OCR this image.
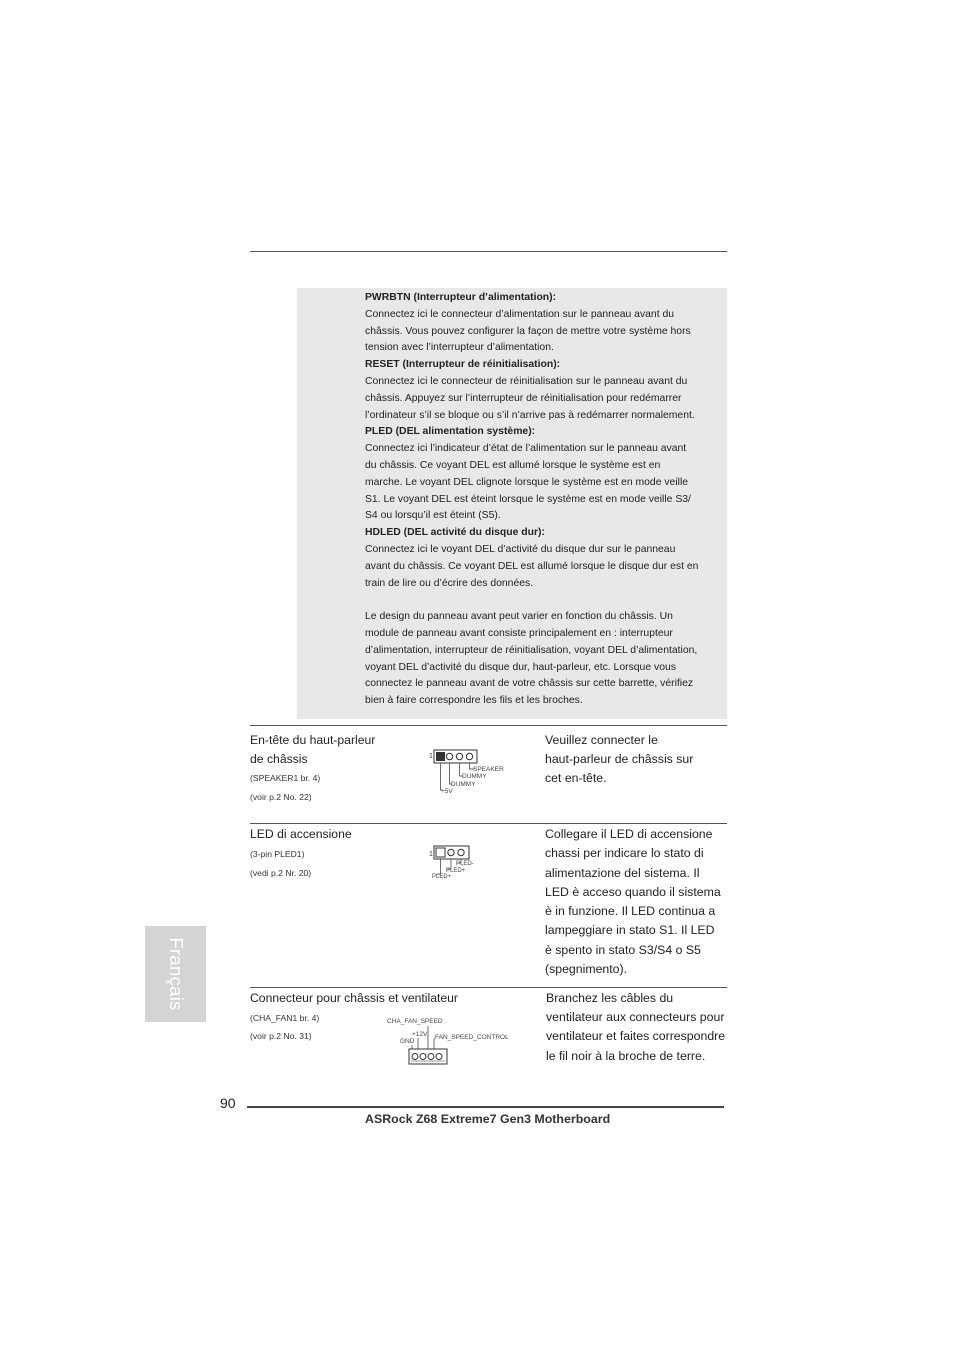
PWRBTN (Interrupteur d’alimentation):
Connectez ici le connecteur d’alimentation sur le panneau avant du
châssis. Vous pouvez configurer la façon de mettre votre système hors
tension avec l’interrupteur d’alimentation.
RESET (Interrupteur de réinitialisation):
Connectez ici le connecteur de réinitialisation sur le panneau avant du
châssis. Appuyez sur l’interrupteur de réinitialisation pour redémarrer
l’ordinateur s’il se bloque ou s’il n’arrive pas à redémarrer normalement.
PLED (DEL alimentation système):
Connectez ici l’indicateur d’état de l’alimentation sur le panneau avant
du châssis. Ce voyant DEL est allumé lorsque le système est en
marche. Le voyant DEL clignote lorsque le système est en mode veille
S1. Le voyant DEL est éteint lorsque le système est en mode veille S3/
S4 ou lorsqu’il est éteint (S5).
HDLED (DEL activité du disque dur):
Connectez ici le voyant DEL d’activité du disque dur sur le panneau
avant du châssis. Ce voyant DEL est allumé lorsque le disque dur est en
train de lire ou d’écrire des données.
Le design du panneau avant peut varier en fonction du châssis. Un
module de panneau avant consiste principalement en : interrupteur
d’alimentation, interrupteur de réinitialisation, voyant DEL d’alimentation,
voyant DEL d’activité du disque dur, haut-parleur, etc. Lorsque vous
connectez le panneau avant de votre châssis sur cette barrette, vérifiez
bien à faire correspondre les fils et les broches.
En-tête du haut-parleur
de châssis
(SPEAKER1 br. 4)
(voir p.2 No. 22)
1
SPEAKER
DUMMY
DUMMY
+5V
Veuillez connecter le
haut-parleur de châssis sur
cet en-tête.
LED di accensione
(3-pin PLED1)
(vedi p.2 Nr. 20)
1
PLED-
PLED+
PLED+
Collegare il LED di accensione
chassi per indicare lo stato di
alimentazione del sistema. Il
LED è acceso quando il sistema
è in funzione. Il LED continua a
lampeggiare in stato S1. Il LED
è spento in stato S3/S4 o S5
(spegnimento).
Connecteur pour châssis et ventilateur
(CHA_FAN1 br. 4)
(voir p.2 No. 31)
CHA_FAN_SPEED
+12V
GND
FAN_SPEED_CONTROL
Branchez les câbles du
ventilateur aux connecteurs pour
ventilateur et faites correspondre
le fil noir à la broche de terre.
Français
90
ASRock Z68 Extreme7 Gen3 Motherboard
